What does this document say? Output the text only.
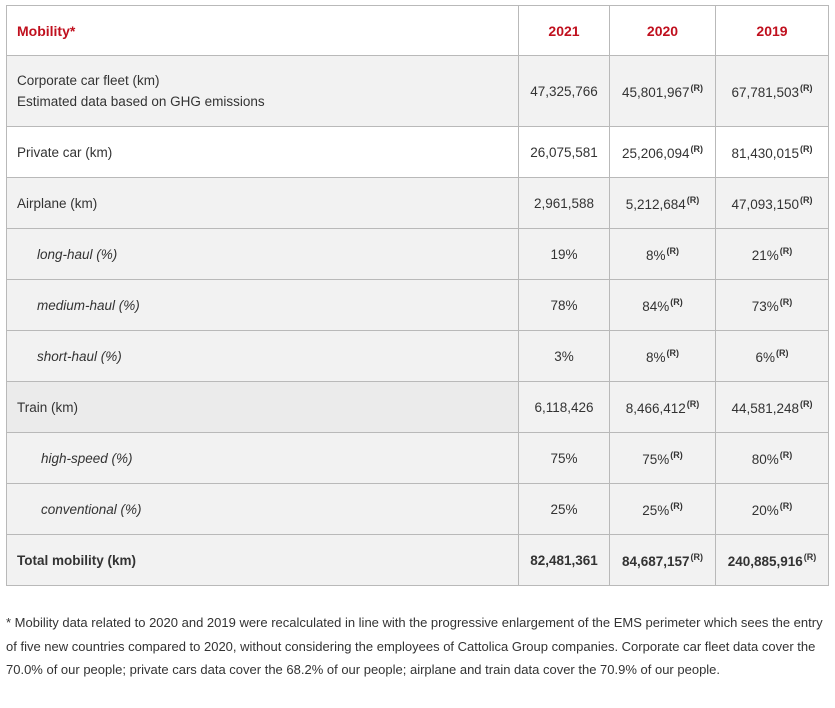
Mobility*	2021	2020	2019
Corporate car fleet (km)
Estimated data based on GHG emissions	47,325,766	$45,801,967^{(R)}$	$67,781,503^{(R)}$
Private car (km)	26,075,581	$25,206,094^{(R)}$	$81,430,015^{(R)}$
Airplane (km)	2,961,588	$5,212,684^{(R)}$	$47,093,150^{(R)}$
long-haul (%)	19%	8%$^{(R)}$	21%$^{(R)}$
medium-haul (%)	78%	84%$^{(R)}$	73%$^{(R)}$
short-haul (%)	3%	8%$^{(R)}$	6%$^{(R)}$
Train (km)	6,118,426	$8,466,412^{(R)}$	$44,581,248^{(R)}$
high-speed (%)	75%	75%$^{(R)}$	80%$^{(R)}$
conventional (%)	25%	25%$^{(R)}$	20%$^{(R)}$
Total mobility (km)	82,481,361	$84,687,157^{(R)}$	$240,885,916^{(R)}$
* Mobility data related to 2020 and 2019 were recalculated in line with the progressive enlargement of the EMS perimeter which sees the entry of five new countries compared to 2020, without considering the employees of Cattolica Group companies. Corporate car fleet data cover the 70.0% of our people; private cars data cover the 68.2% of our people; airplane and train data cover the 70.9% of our people.
